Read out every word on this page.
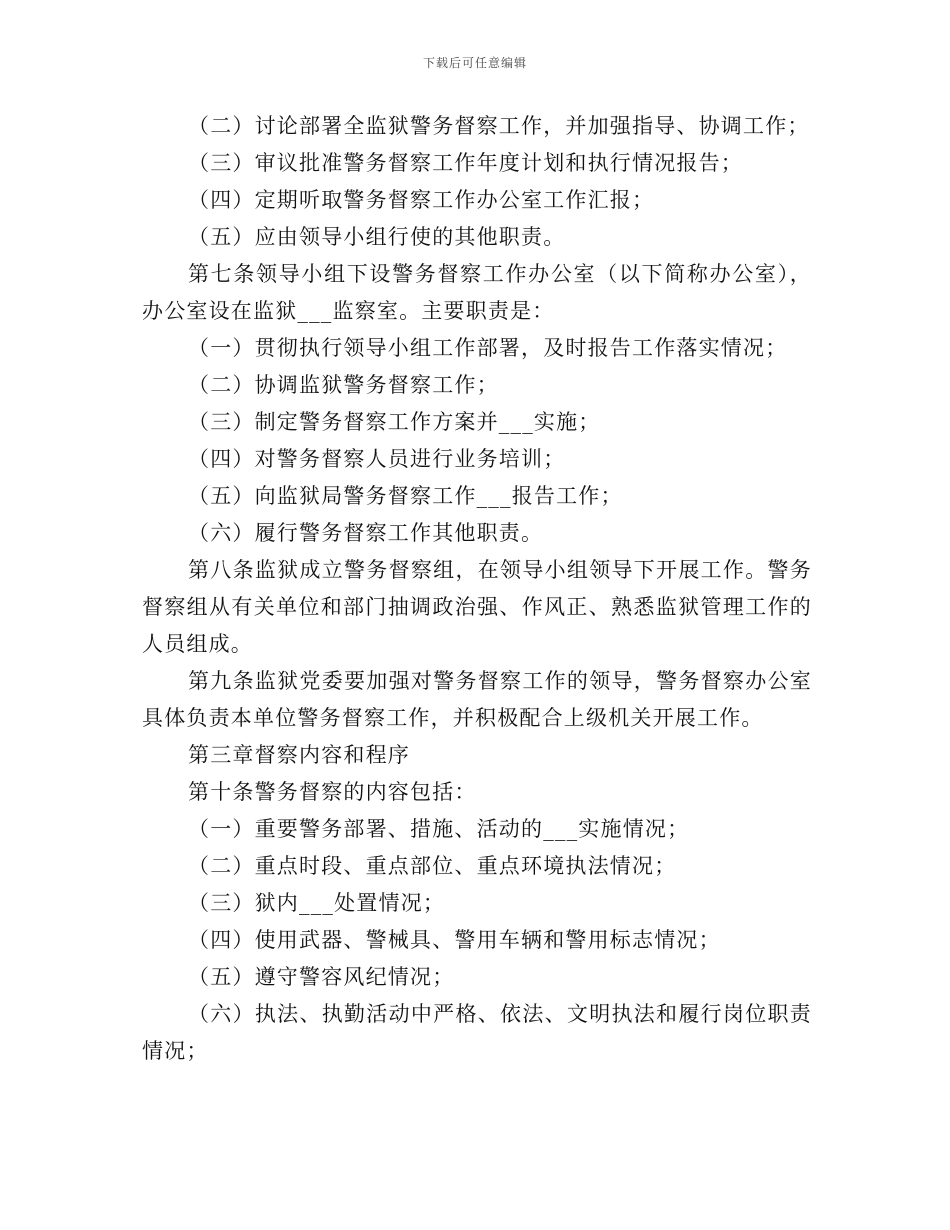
下载后可任意编辑

（二）讨论部署全监狱警务督察工作，并加强指导、协调工作；

（三）审议批准警务督察工作年度计划和执行情况报告；

（四）定期听取警务督察工作办公室工作汇报；

（五）应由领导小组行使的其他职责。

第七条领导小组下设警务督察工作办公室（以下简称办公室），办公室设在监狱___监察室。主要职责是：

（一）贯彻执行领导小组工作部署，及时报告工作落实情况；

（二）协调监狱警务督察工作；

（三）制定警务督察工作方案并___实施；

（四）对警务督察人员进行业务培训；

（五）向监狱局警务督察工作___报告工作；

（六）履行警务督察工作其他职责。

第八条监狱成立警务督察组，在领导小组领导下开展工作。警务督察组从有关单位和部门抽调政治强、作风正、熟悉监狱管理工作的人员组成。

第九条监狱党委要加强对警务督察工作的领导，警务督察办公室具体负责本单位警务督察工作，并积极配合上级机关开展工作。

第三章督察内容和程序

第十条警务督察的内容包括：

（一）重要警务部署、措施、活动的___实施情况；

（二）重点时段、重点部位、重点环境执法情况；

（三）狱内___处置情况；

（四）使用武器、警械具、警用车辆和警用标志情况；

（五）遵守警容风纪情况；

（六）执法、执勤活动中严格、依法、文明执法和履行岗位职责情况；
